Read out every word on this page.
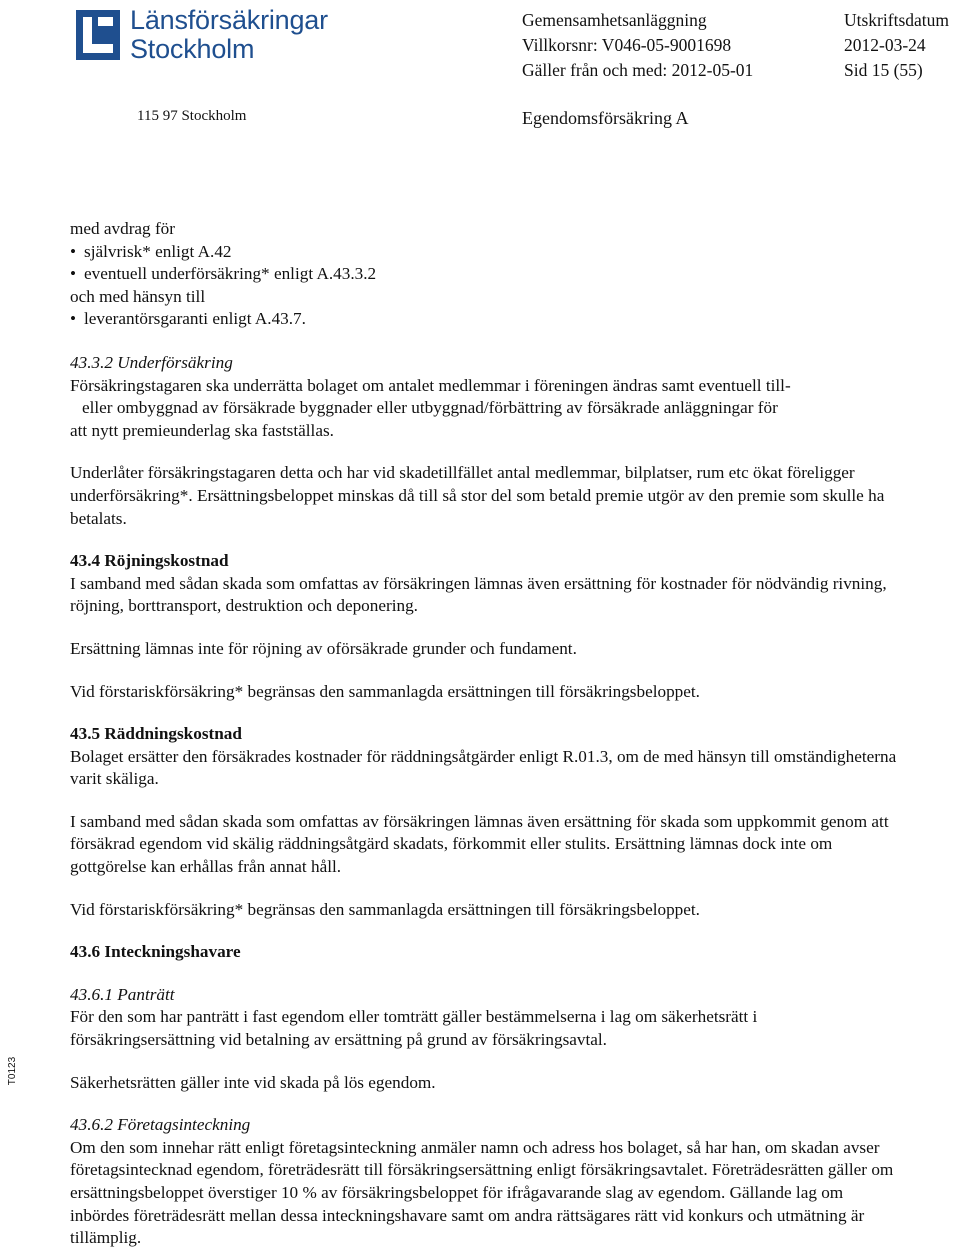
Länsförsäkringar
Stockholm
115 97 Stockholm
Gemensamhetsanläggning
Villkorsnr: V046-05-9001698
Gäller från och med: 2012-05-01
Egendomsförsäkring A
Utskriftsdatum
2012-03-24
Sid 15 (55)
T0123

med avdrag för

• självrisk* enligt A.42
• eventuell underförsäkring* enligt A.43.3.2

och med hänsyn till

• leverantörsgaranti enligt A.43.7.

43.3.2 Underförsäkring

Försäkringstagaren ska underrätta bolaget om antalet medlemmar i föreningen ändras samt eventuell till-

eller ombyggnad av försäkrade byggnader eller utbyggnad/förbättring av försäkrade anläggningar för

att nytt premieunderlag ska fastställas.

Underlåter försäkringstagaren detta och har vid skadetillfället antal medlemmar, bilplatser, rum etc ökat föreligger underförsäkring*. Ersättningsbeloppet minskas då till så stor del som betald premie utgör av den premie som skulle ha betalats.

43.4 Röjningskostnad

I samband med sådan skada som omfattas av försäkringen lämnas även ersättning för kostnader för nödvändig rivning, röjning, borttransport, destruktion och deponering.

Ersättning lämnas inte för röjning av oförsäkrade grunder och fundament.

Vid förstariskförsäkring* begränsas den sammanlagda ersättningen till försäkringsbeloppet.

43.5 Räddningskostnad

Bolaget ersätter den försäkrades kostnader för räddningsåtgärder enligt R.01.3, om de med hänsyn till omständigheterna varit skäliga.

I samband med sådan skada som omfattas av försäkringen lämnas även ersättning för skada som uppkommit genom att försäkrad egendom vid skälig räddningsåtgärd skadats, förkommit eller stulits. Ersättning lämnas dock inte om gottgörelse kan erhållas från annat håll.

Vid förstariskförsäkring* begränsas den sammanlagda ersättningen till försäkringsbeloppet.

43.6 Inteckningshavare

43.6.1 Panträtt

För den som har panträtt i fast egendom eller tomträtt gäller bestämmelserna i lag om säkerhetsrätt i försäkringsersättning vid betalning av ersättning på grund av försäkringsavtal.

Säkerhetsrätten gäller inte vid skada på lös egendom.

43.6.2 Företagsinteckning

Om den som innehar rätt enligt företagsinteckning anmäler namn och adress hos bolaget, så har han, om skadan avser företagsintecknad egendom, företrädesrätt till försäkringsersättning enligt försäkringsavtalet. Företrädesrätten gäller om ersättningsbeloppet överstiger 10 % av försäkringsbeloppet för ifrågavarande slag av egendom. Gällande lag om inbördes företrädesrätt mellan dessa inteckningshavare samt om andra rättsägares rätt vid konkurs och utmätning är tillämplig.
